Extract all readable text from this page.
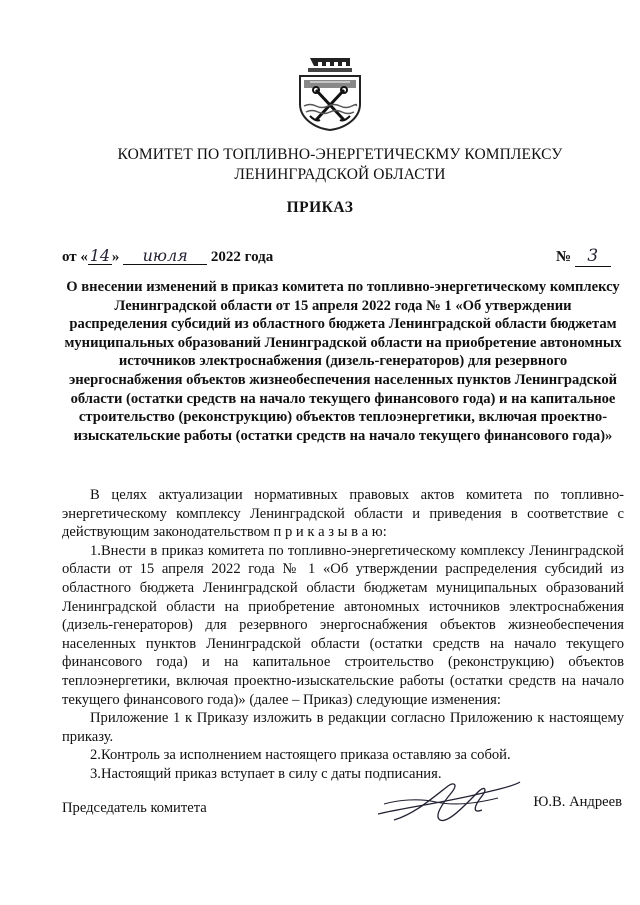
КОМИТЕТ ПО ТОПЛИВНО-ЭНЕРГЕТИЧЕСКМУ КОМПЛЕКСУ
ЛЕНИНГРАДСКОЙ ОБЛАСТИ
ПРИКАЗ
от « 14 » июля 2022 года	№ 3
О внесении изменений в приказ комитета по топливно-энергетическому комплексу Ленинградской области от 15 апреля 2022 года № 1 «Об утверждении распределения субсидий из областного бюджета Ленинградской области бюджетам муниципальных образований Ленинградской области на приобретение автономных источников электроснабжения (дизель-генераторов) для резервного энергоснабжения объектов жизнеобеспечения населенных пунктов Ленинградской области (остатки средств на начало текущего финансового года) и на капитальное строительство (реконструкцию) объектов теплоэнергетики, включая проектно-изыскательские работы (остатки средств на начало текущего финансового года)»

В целях актуализации нормативных правовых актов комитета по топливно-энергетическому комплексу Ленинградской области и приведения в соответствие с действующим законодательством п р и к а з ы в а ю:

1.Внести в приказ комитета по топливно-энергетическому комплексу Ленинградской области от 15 апреля 2022 года № 1 «Об утверждении распределения субсидий из областного бюджета Ленинградской области бюджетам муниципальных образований Ленинградской области на приобретение автономных источников электроснабжения (дизель-генераторов) для резервного энергоснабжения объектов жизнеобеспечения населенных пунктов Ленинградской области (остатки средств на начало текущего финансового года) и на капитальное строительство (реконструкцию) объектов теплоэнергетики, включая проектно-изыскательские работы (остатки средств на начало текущего финансового года)» (далее – Приказ) следующие изменения:

Приложение 1 к Приказу изложить в редакции согласно Приложению к настоящему приказу.

2.Контроль за исполнением настоящего приказа оставляю за собой.

3.Настоящий приказ вступает в силу с даты подписания.

Председатель комитета	Ю.В. Андреев
